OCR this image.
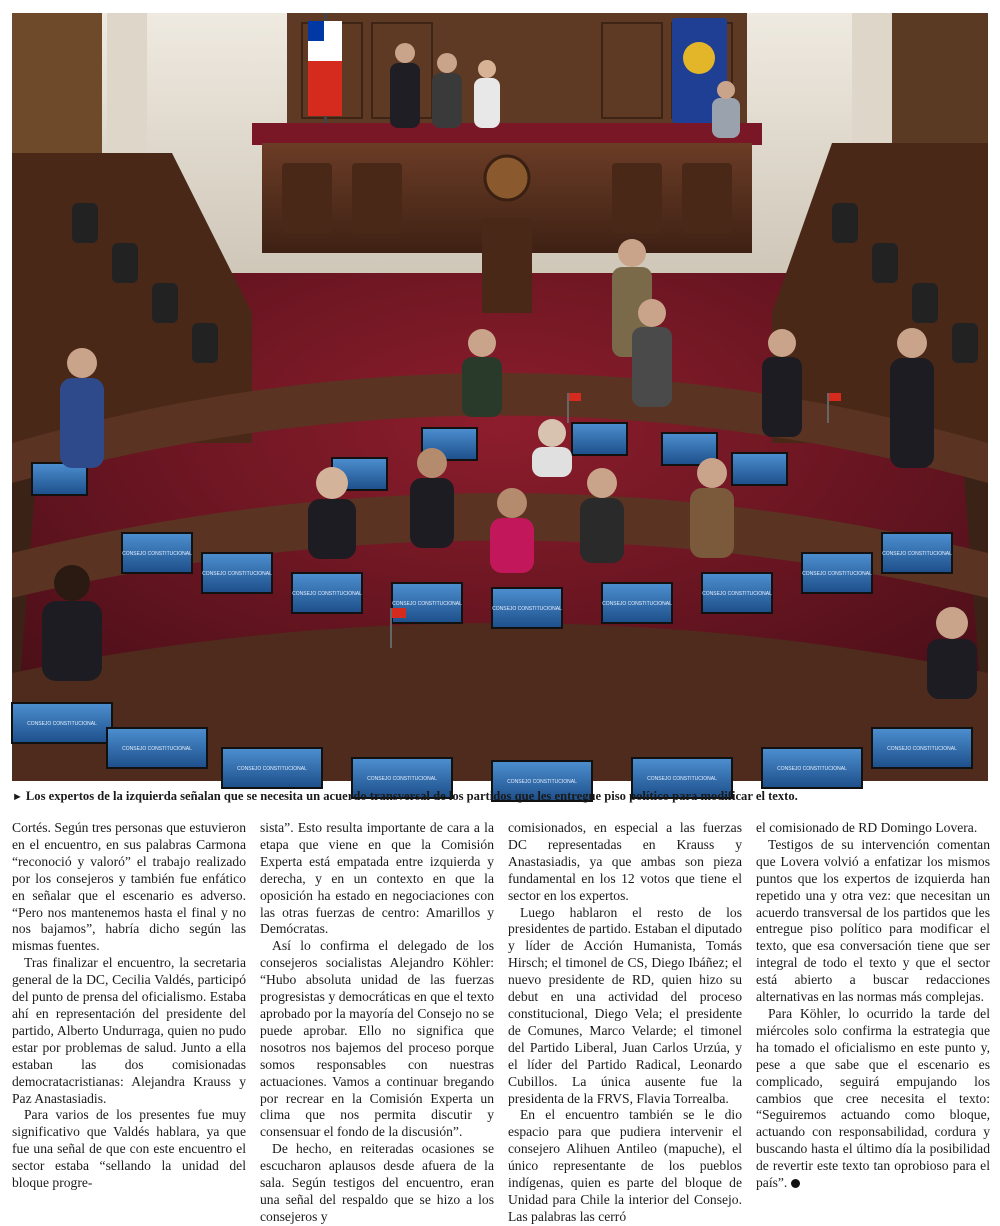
CONSEJO CONSTITUCIONAL
CONSEJO CONSTITUCIONAL
CONSEJO CONSTITUCIONAL
CONSEJO CONSTITUCIONAL
CONSEJO CONSTITUCIONAL
CONSEJO CONSTITUCIONAL
CONSEJO CONSTITUCIONAL
CONSEJO CONSTITUCIONAL
CONSEJO CONSTITUCIONAL
CONSEJO CONSTITUCIONAL
CONSEJO CONSTITUCIONAL
CONSEJO CONSTITUCIONAL
CONSEJO CONSTITUCIONAL	CONSEJO CONSTITUCIONAL	CONSEJO CONSTITUCIONAL
CONSEJO CONSTITUCIONAL
CONSEJO CONSTITUCIONAL
► Los expertos de la izquierda señalan que se necesita un acuerdo transversal de los partidos que les entregue piso político para modificar el texto.

Cortés. Según tres personas que estuvieron en el encuentro, en sus palabras Carmona “reconoció y valoró” el trabajo realizado por los consejeros y también fue enfático en señalar que el escenario es adverso. “Pero nos mantenemos hasta el final y no nos bajamos”, habría dicho según las mismas fuentes.

Tras finalizar el encuentro, la secretaria general de la DC, Cecilia Valdés, participó del punto de prensa del oficialismo. Estaba ahí en representación del presidente del partido, Alberto Undurraga, quien no pudo estar por problemas de salud. Junto a ella estaban las dos comisionadas democratacristianas: Alejandra Krauss y Paz Anastasiadis.

Para varios de los presentes fue muy significativo que Valdés hablara, ya que fue una señal de que con este encuentro el sector estaba “sellando la unidad del bloque progre-

sista”. Esto resulta importante de cara a la etapa que viene en que la Comisión Experta está empatada entre izquierda y derecha, y en un contexto en que la oposición ha estado en negociaciones con las otras fuerzas de centro: Amarillos y Demócratas.

Así lo confirma el delegado de los consejeros socialistas Alejandro Köhler: “Hubo absoluta unidad de las fuerzas progresistas y democráticas en que el texto aprobado por la mayoría del Consejo no se puede aprobar. Ello no significa que nosotros nos bajemos del proceso porque somos responsables con nuestras actuaciones. Vamos a continuar bregando por recrear en la Comisión Experta un clima que nos permita discutir y consensuar el fondo de la discusión”.

De hecho, en reiteradas ocasiones se escucharon aplausos desde afuera de la sala. Según testigos del encuentro, eran una señal del respaldo que se hizo a los consejeros y

comisionados, en especial a las fuerzas DC representadas en Krauss y Anastasiadis, ya que ambas son pieza fundamental en los 12 votos que tiene el sector en los expertos.

Luego hablaron el resto de los presidentes de partido. Estaban el diputado y líder de Acción Humanista, Tomás Hirsch; el timonel de CS, Diego Ibáñez; el nuevo presidente de RD, quien hizo su debut en una actividad del proceso constitucional, Diego Vela; el presidente de Comunes, Marco Velarde; el timonel del Partido Liberal, Juan Carlos Urzúa, y el líder del Partido Radical, Leonardo Cubillos. La única ausente fue la presidenta de la FRVS, Flavia Torrealba.

En el encuentro también se le dio espacio para que pudiera intervenir el consejero Alihuen Antileo (mapuche), el único representante de los pueblos indígenas, quien es parte del bloque de Unidad para Chile la interior del Consejo. Las palabras las cerró

el comisionado de RD Domingo Lovera.

Testigos de su intervención comentan que Lovera volvió a enfatizar los mismos puntos que los expertos de izquierda han repetido una y otra vez: que necesitan un acuerdo transversal de los partidos que les entregue piso político para modificar el texto, que esa conversación tiene que ser integral de todo el texto y que el sector está abierto a buscar redacciones alternativas en las normas más complejas.

Para Köhler, lo ocurrido la tarde del miércoles solo confirma la estrategia que ha tomado el oficialismo en este punto y, pese a que sabe que el escenario es complicado, seguirá empujando los cambios que cree necesita el texto: “Seguiremos actuando como bloque, actuando con responsabilidad, cordura y buscando hasta el último día la posibilidad de revertir este texto tan oprobioso para el país”.
